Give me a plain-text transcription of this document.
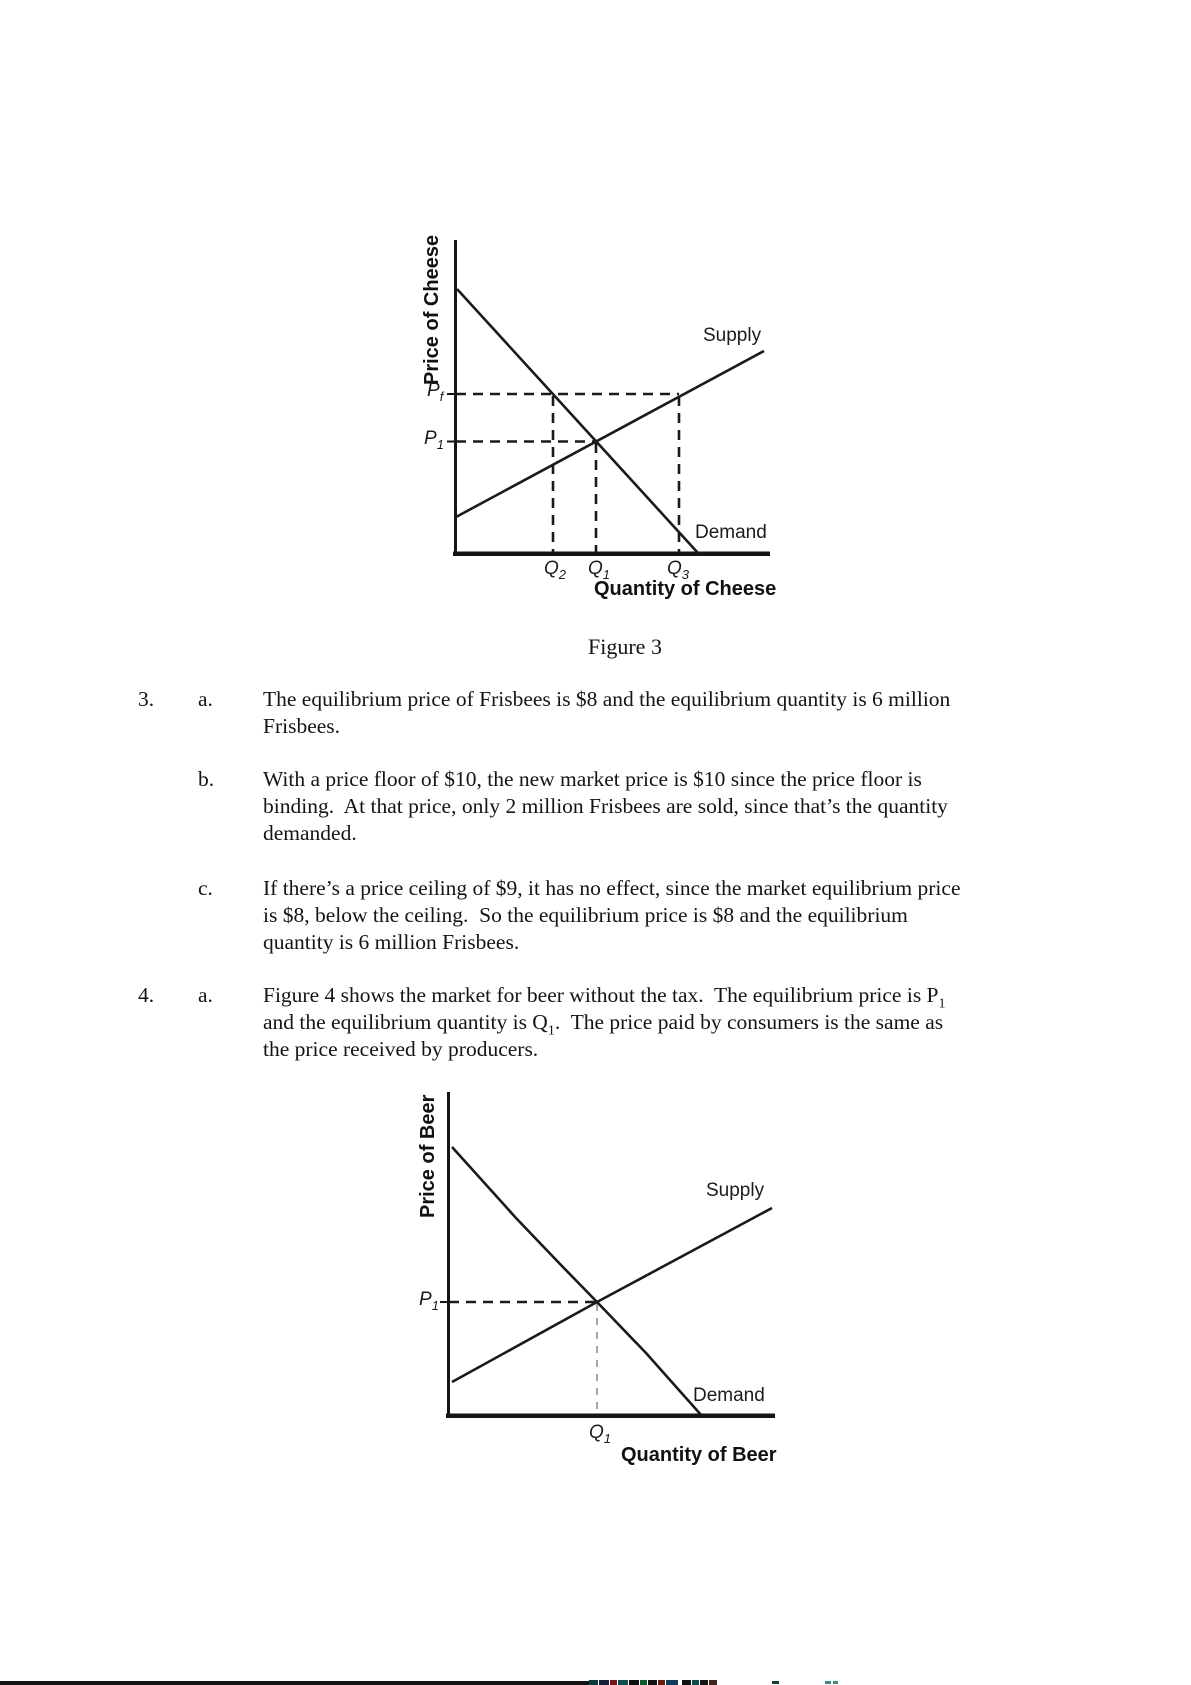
Price of Cheese	Supply
Demand
$P_f$
$P_1$
$Q_2$ $Q_1$	$Q_3$
Quantity of Cheese
Figure 3
3. a. The equilibrium price of Frisbees is $8 and the equilibrium quantity is 6 million
Frisbees.
b. With a price floor of $10, the new market price is $10 since the price floor is
binding.  At that price, only 2 million Frisbees are sold, since that’s the quantity
demanded.
c. If there’s a price ceiling of $9, it has no effect, since the market equilibrium price
is $8, below the ceiling.  So the equilibrium price is $8 and the equilibrium
quantity is 6 million Frisbees.
4. a. Figure 4 shows the market for beer without the tax.  The equilibrium price is $P_1$
and the equilibrium quantity is $Q_1$.  The price paid by consumers is the same as
the price received by producers.
Price of Beer	Supply
Demand
$P_1$
$Q_1$
Quantity of Beer
